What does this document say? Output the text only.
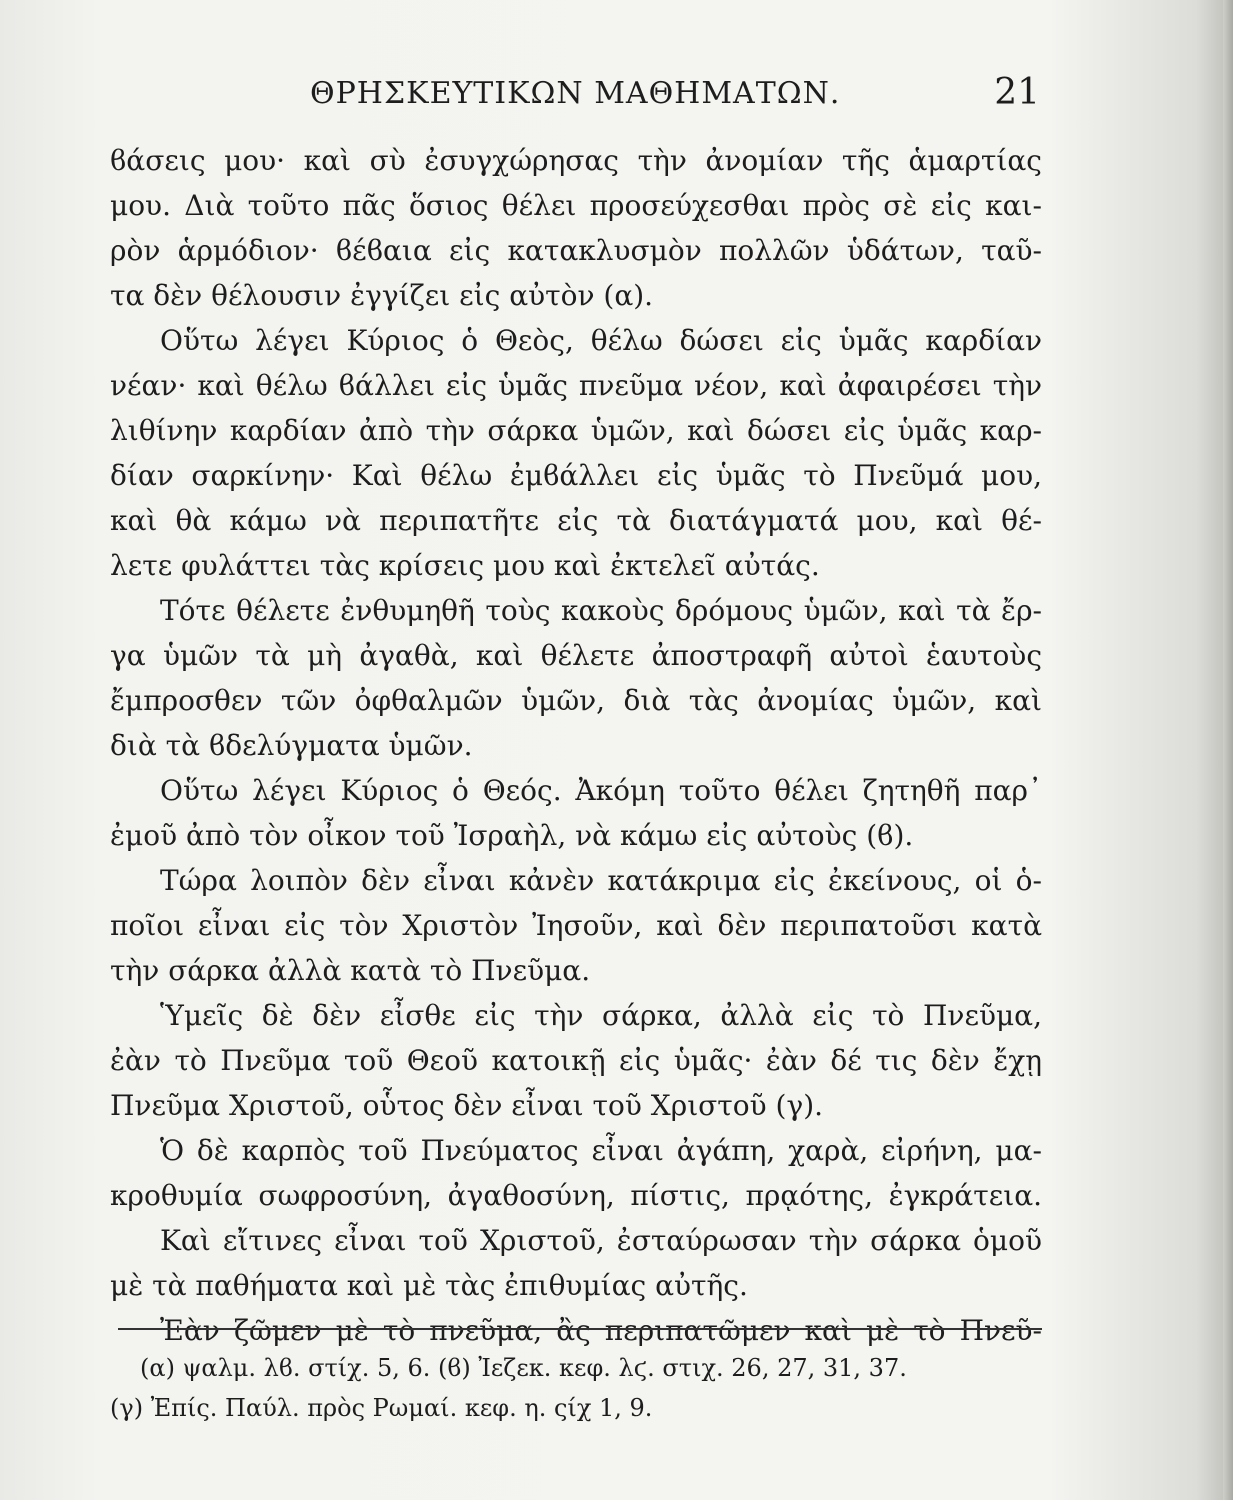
ΘΡΗΣΚΕΥΤΙΚΩΝ ΜΑΘΗΜΑΤΩΝ.	21
ϐάσεις μου· καὶ σὺ ἐσυγχώρησας τὴν ἀνομίαν τῆς ἁμαρτίας
μου. Διὰ τοῦτο πᾶς ὅσιος θέλει προσεύχεσθαι πρὸς σὲ εἰς και-
ρὸν ἁρμόδιον· ϐέϐαια εἰς κατακλυσμὸν πολλῶν ὑδάτων, ταῦ-
τα δὲν θέλουσιν ἐγγίζει εἰς αὐτὸν (α).
Οὕτω λέγει Κύριος ὁ Θεὸς, θέλω δώσει εἰς ὑμᾶς καρδίαν
νέαν· καὶ θέλω ϐάλλει εἰς ὑμᾶς πνεῦμα νέον, καὶ ἀφαιρέσει τὴν
λιθίνην καρδίαν ἀπὸ τὴν σάρκα ὑμῶν, καὶ δώσει εἰς ὑμᾶς καρ-
δίαν σαρκίνην· Καὶ θέλω ἐμϐάλλει εἰς ὑμᾶς τὸ Πνεῦμά μου,
καὶ θὰ κάμω νὰ περιπατῆτε εἰς τὰ διατάγματά μου, καὶ θέ-
λετε φυλάττει τὰς κρίσεις μου καὶ ἐκτελεῖ αὐτάς.
Τότε θέλετε ἐνθυμηθῆ τοὺς κακοὺς δρόμους ὑμῶν, καὶ τὰ ἔρ-
γα ὑμῶν τὰ μὴ ἀγαθὰ, καὶ θέλετε ἀποστραφῆ αὐτοὶ ἑαυτοὺς
ἔμπροσθεν τῶν ὀφθαλμῶν ὑμῶν, διὰ τὰς ἀνομίας ὑμῶν, καὶ
διὰ τὰ ϐδελύγματα ὑμῶν.
Οὕτω λέγει Κύριος ὁ Θεός. Ἀκόμη τοῦτο θέλει ζητηθῆ παρ᾿
ἐμοῦ ἀπὸ τὸν οἶκον τοῦ Ἰσραὴλ, νὰ κάμω εἰς αὐτοὺς (ϐ).
Τώρα λοιπὸν δὲν εἶναι κἀνὲν κατάκριμα εἰς ἐκείνους, οἱ ὁ-
ποῖοι εἶναι εἰς τὸν Χριστὸν Ἰησοῦν, καὶ δὲν περιπατοῦσι κατὰ
τὴν σάρκα ἀλλὰ κατὰ τὸ Πνεῦμα.
Ὑμεῖς δὲ δὲν εἶσθε εἰς τὴν σάρκα, ἀλλὰ εἰς τὸ Πνεῦμα,
ἐὰν τὸ Πνεῦμα τοῦ Θεοῦ κατοικῇ εἰς ὑμᾶς· ἐὰν δέ τις δὲν ἔχῃ
Πνεῦμα Χριστοῦ, οὗτος δὲν εἶναι τοῦ Χριστοῦ (γ).
Ὁ δὲ καρπὸς τοῦ Πνεύματος εἶναι ἀγάπη, χαρὰ, εἰρήνη, μα-
κροθυμία σωφροσύνη, ἀγαθοσύνη, πίστις, πρᾳότης, ἐγκράτεια.
Καὶ εἴτινες εἶναι τοῦ Χριστοῦ, ἐσταύρωσαν τὴν σάρκα ὁμοῦ
μὲ τὰ παθήματα καὶ μὲ τὰς ἐπιθυμίας αὐτῆς.
Ἐὰν ζῶμεν μὲ τὸ πνεῦμα, ἂς περιπατῶμεν καὶ μὲ τὸ Πνεῦ-
(α) ψαλμ. λϐ. στίχ. 5, 6. (ϐ) Ἰεζεκ. κεφ. λϛ. στιχ. 26, 27, 31, 37.
(γ) Ἐπίς. Παύλ. πρὸς Ρωμαί. κεφ. η. ςίχ 1, 9.
